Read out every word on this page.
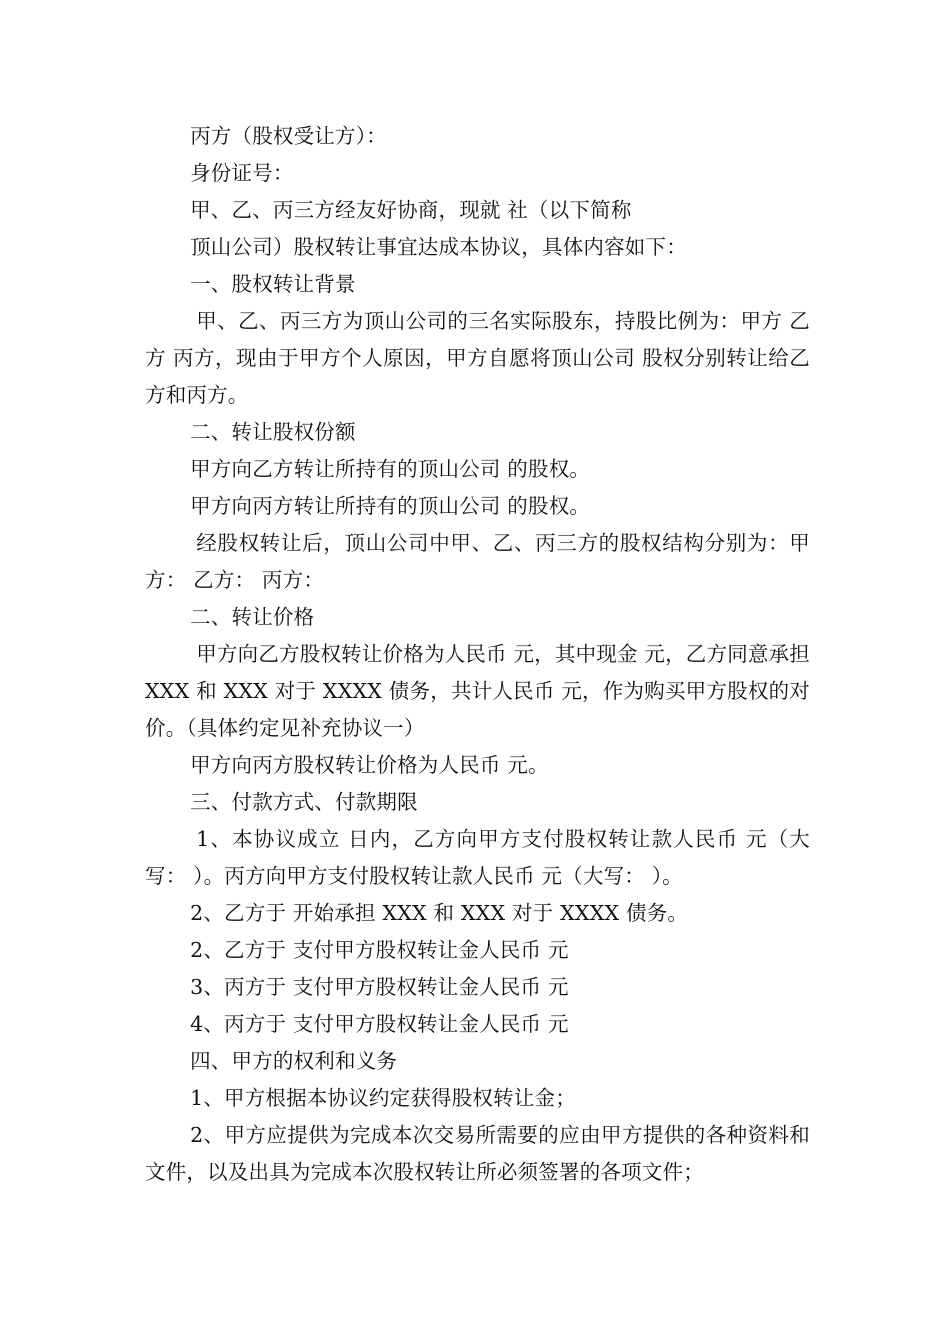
丙方（股权受让方）：

身份证号：

甲、乙、丙三方经友好协商，现就 社（以下简称

顶山公司）股权转让事宜达成本协议，具体内容如下：

一、股权转让背景

甲、乙、丙三方为顶山公司的三名实际股东，持股比例为：甲方 乙方 丙方，现由于甲方个人原因，甲方自愿将顶山公司 股权分别转让给乙方和丙方。

二、转让股权份额

甲方向乙方转让所持有的顶山公司 的股权。

甲方向丙方转让所持有的顶山公司 的股权。

经股权转让后，顶山公司中甲、乙、丙三方的股权结构分别为：甲方： 乙方： 丙方：

二、转让价格

甲方向乙方股权转让价格为人民币 元，其中现金 元，乙方同意承担 XXX 和 XXX 对于 XXXX 债务，共计人民币 元，作为购买甲方股权的对价。（具体约定见补充协议一）

甲方向丙方股权转让价格为人民币 元。

三、付款方式、付款期限

1、本协议成立 日内，乙方向甲方支付股权转让款人民币 元（大写： ）。丙方向甲方支付股权转让款人民币 元（大写： ）。

2、乙方于 开始承担 XXX 和 XXX 对于 XXXX 债务。

2、乙方于 支付甲方股权转让金人民币 元

3、丙方于 支付甲方股权转让金人民币 元

4、丙方于 支付甲方股权转让金人民币 元

四、甲方的权利和义务

1、甲方根据本协议约定获得股权转让金；

2、甲方应提供为完成本次交易所需要的应由甲方提供的各种资料和文件，以及出具为完成本次股权转让所必须签署的各项文件；
